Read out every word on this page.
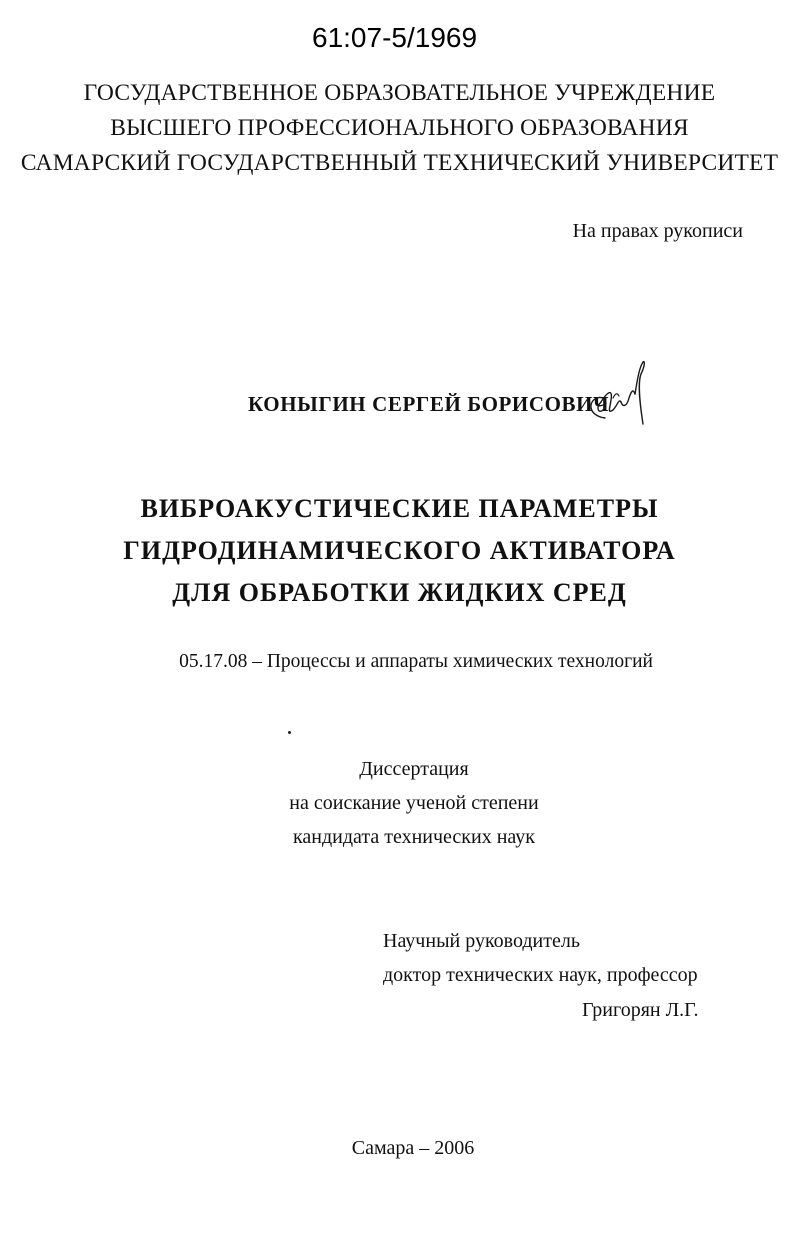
61:07-5/1969
ГОСУДАРСТВЕННОЕ ОБРАЗОВАТЕЛЬНОЕ УЧРЕЖДЕНИЕ
ВЫСШЕГО ПРОФЕССИОНАЛЬНОГО ОБРАЗОВАНИЯ
САМАРСКИЙ ГОСУДАРСТВЕННЫЙ ТЕХНИЧЕСКИЙ УНИВЕРСИТЕТ
На правах рукописи
КОНЫГИН СЕРГЕЙ БОРИСОВИЧ
ВИБРОАКУСТИЧЕСКИЕ ПАРАМЕТРЫ
ГИДРОДИНАМИЧЕСКОГО АКТИВАТОРА
ДЛЯ ОБРАБОТКИ ЖИДКИХ СРЕД
05.17.08 – Процессы и аппараты химических технологий
Диссертация
на соискание ученой степени
кандидата технических наук
Научный руководитель
доктор технических наук, профессор
Григорян Л.Г.
Самара – 2006
